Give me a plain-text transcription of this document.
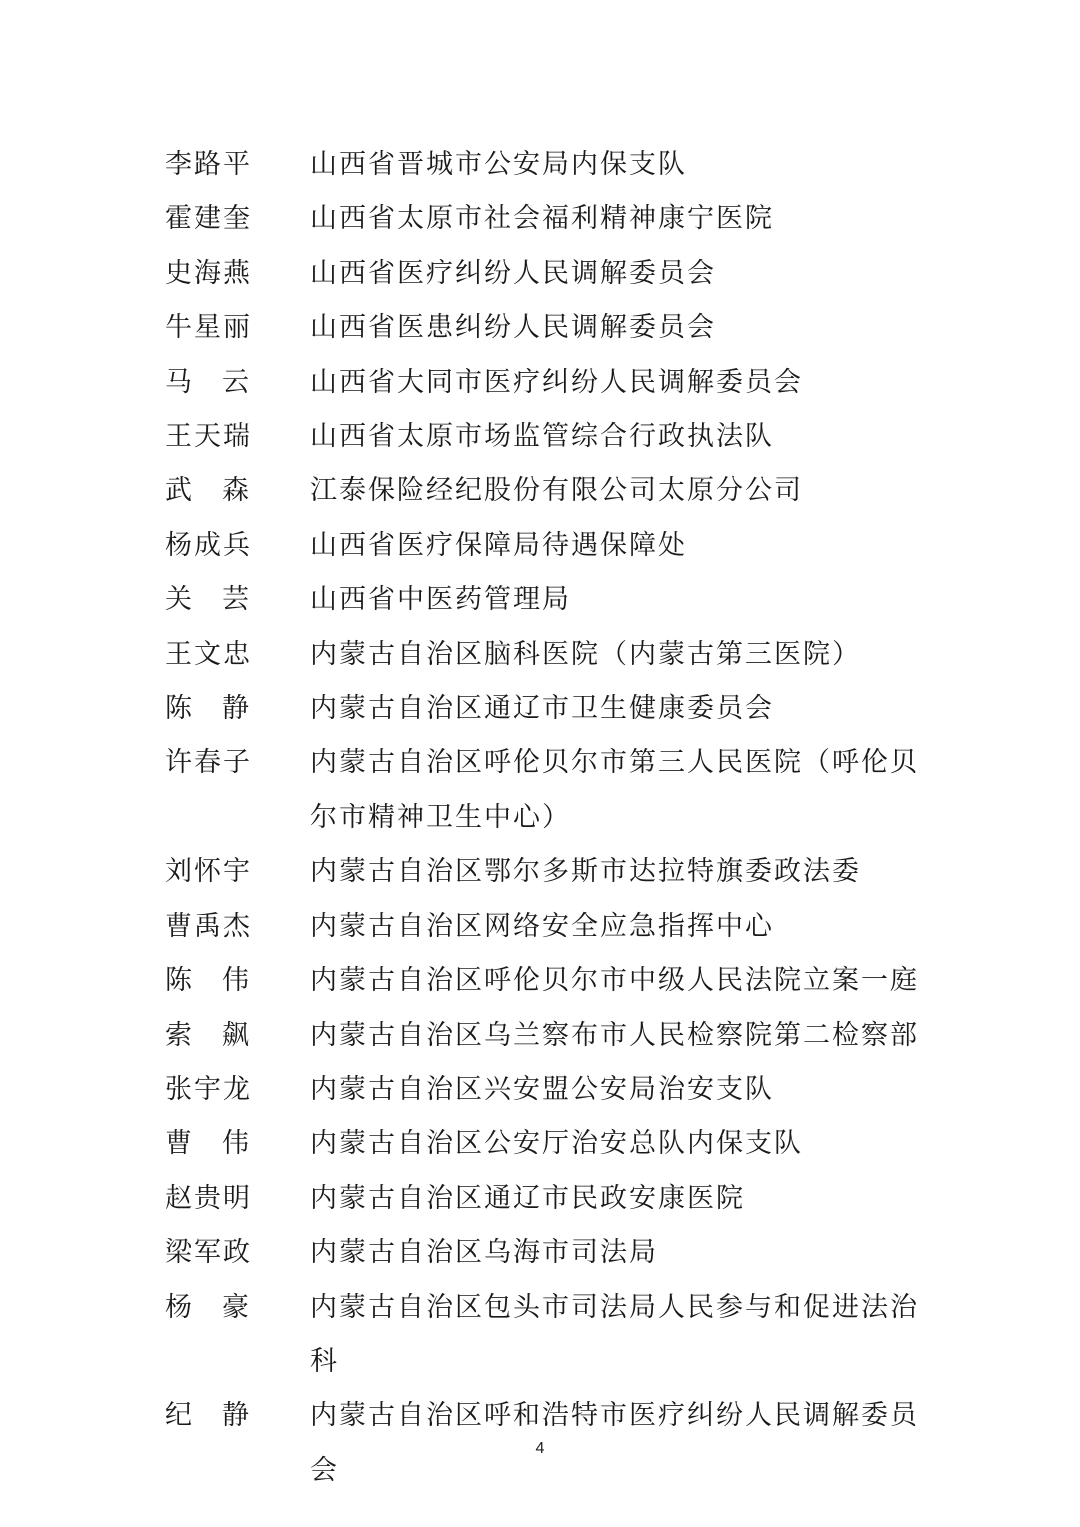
李路平	山西省晋城市公安局内保支队
霍建奎	山西省太原市社会福利精神康宁医院
史海燕	山西省医疗纠纷人民调解委员会
牛星丽	山西省医患纠纷人民调解委员会
马 云 山西省大同市医疗纠纷人民调解委员会
王天瑞	山西省太原市场监管综合行政执法队
武 森 江泰保险经纪股份有限公司太原分公司
杨成兵	山西省医疗保障局待遇保障处
关 芸 山西省中医药管理局
王文忠	内蒙古自治区脑科医院（内蒙古第三医院）
陈 静 内蒙古自治区通辽市卫生健康委员会
许春子	内蒙古自治区呼伦贝尔市第三人民医院（呼伦贝尔市精神卫生中心）
刘怀宇	内蒙古自治区鄂尔多斯市达拉特旗委政法委
曹禹杰	内蒙古自治区网络安全应急指挥中心
陈 伟 内蒙古自治区呼伦贝尔市中级人民法院立案一庭
索 飙 内蒙古自治区乌兰察布市人民检察院第二检察部
张宇龙	内蒙古自治区兴安盟公安局治安支队
曹 伟 内蒙古自治区公安厅治安总队内保支队
赵贵明	内蒙古自治区通辽市民政安康医院
梁军政	内蒙古自治区乌海市司法局
杨 豪 内蒙古自治区包头市司法局人民参与和促进法治科
纪 静 内蒙古自治区呼和浩特市医疗纠纷人民调解委员会
4
